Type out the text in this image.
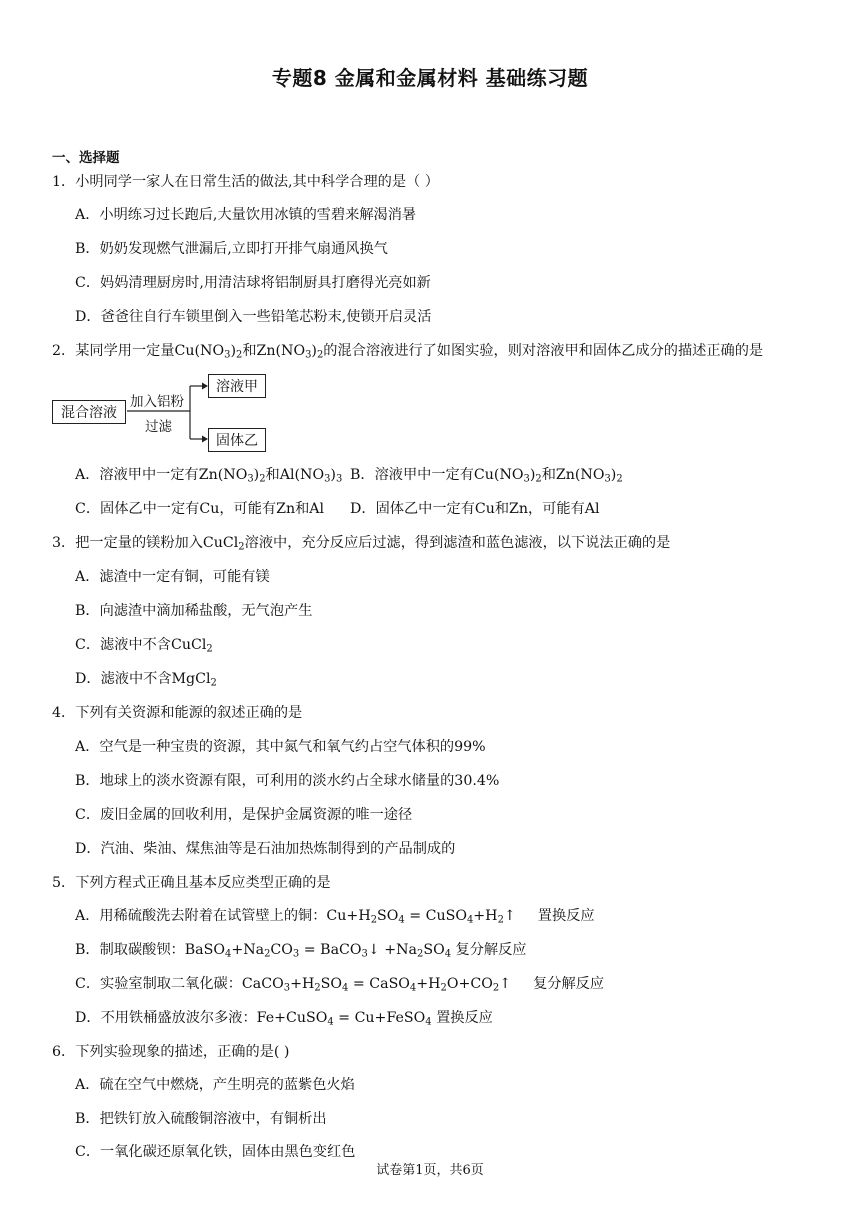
专题8 金属和金属材料 基础练习题
一、选择题
1．小明同学一家人在日常生活的做法,其中科学合理的是（ ）
A．小明练习过长跑后,大量饮用冰镇的雪碧来解渴消暑
B．奶奶发现燃气泄漏后,立即打开排气扇通风换气
C．妈妈清理厨房时,用清洁球将铝制厨具打磨得光亮如新
D．爸爸往自行车锁里倒入一些铅笔芯粉末,使锁开启灵活
2．某同学用一定量$Cu(NO_3)_2$和$Zn(NO_3)_2$的混合溶液进行了如图实验，则对溶液甲和固体乙成分的描述正确的是
混合溶液
加入铝粉
过滤
溶液甲
固体乙
A．溶液甲中一定有$Zn(NO_3)_2$和$Al(NO_3)_3$ B．溶液甲中一定有$Cu(NO_3)_2$和$Zn(NO_3)_2$
C．固体乙中一定有Cu，可能有Zn和Al D．固体乙中一定有Cu和Zn，可能有Al
3．把一定量的镁粉加入CuCl$_2$溶液中，充分反应后过滤，得到滤渣和蓝色滤液，以下说法正确的是
A．滤渣中一定有铜，可能有镁
B．向滤渣中滴加稀盐酸，无气泡产生
C．滤液中不含CuCl$_2$
D．滤液中不含MgCl$_2$
4．下列有关资源和能源的叙述正确的是
A．空气是一种宝贵的资源，其中氮气和氧气约占空气体积的99%
B．地球上的淡水资源有限，可利用的淡水约占全球水储量的30.4%
C．废旧金属的回收利用，是保护金属资源的唯一途径
D．汽油、柴油、煤焦油等是石油加热炼制得到的产品制成的
5．下列方程式正确且基本反应类型正确的是
A．用稀硫酸洗去附着在试管壁上的铜：$Cu+H_2SO_4$ = $CuSO_4+H_2↑$ 置换反应
B．制取碳酸钡：$BaSO_4+Na_2CO_3$ = BaCO$_3$↓ $+Na_2SO_4$ 复分解反应
C．实验室制取二氧化碳：$CaCO_3+H_2SO_4$ = $CaSO_4+H_2O+CO_2↑$ 复分解反应
D．不用铁桶盛放波尔多液：Fe+CuSO$_4$ = Cu+FeSO$_4$ 置换反应
6．下列实验现象的描述，正确的是( )
A．硫在空气中燃烧，产生明亮的蓝紫色火焰
B．把铁钉放入硫酸铜溶液中，有铜析出
C．一氧化碳还原氧化铁，固体由黑色变红色
试卷第1页，共6页
